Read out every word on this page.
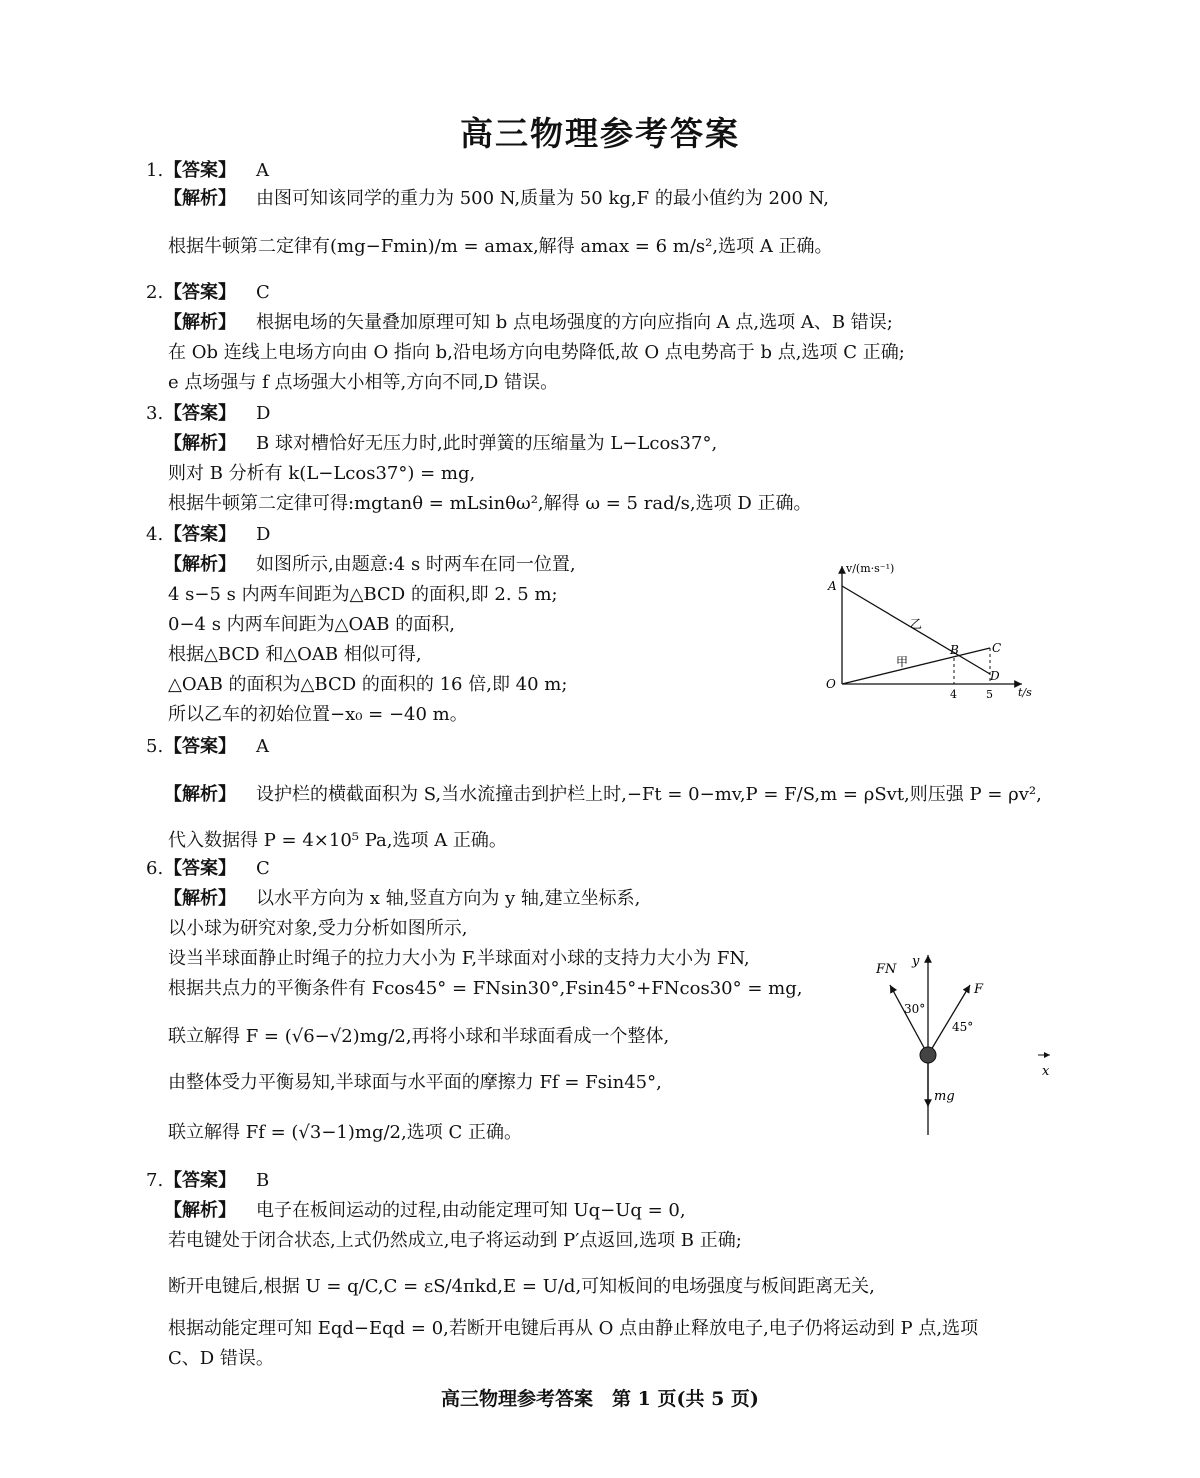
高三物理参考答案
1. 【答案】 A
【解析】 由图可知该同学的重力为 500 N,质量为 50 kg,F 的最小值约为 200 N,
根据牛顿第二定律有(mg−Fmin)/m = amax,解得 amax = 6 m/s²,选项 A 正确。
2. 【答案】 C
【解析】 根据电场的矢量叠加原理可知 b 点电场强度的方向应指向 A 点,选项 A、B 错误;
在 Ob 连线上电场方向由 O 指向 b,沿电场方向电势降低,故 O 点电势高于 b 点,选项 C 正确;
e 点场强与 f 点场强大小相等,方向不同,D 错误。
3. 【答案】 D
【解析】 B 球对槽恰好无压力时,此时弹簧的压缩量为 L−Lcos37°,
则对 B 分析有 k(L−Lcos37°) = mg,
根据牛顿第二定律可得:mgtanθ = mLsinθω²,解得 ω = 5 rad/s,选项 D 正确。
4. 【答案】 D
【解析】 如图所示,由题意:4 s 时两车在同一位置,
4 s−5 s 内两车间距为△BCD 的面积,即 2. 5 m;
0−4 s 内两车间距为△OAB 的面积,
根据△BCD 和△OAB 相似可得,
△OAB 的面积为△BCD 的面积的 16 倍,即 40 m;
所以乙车的初始位置−x₀ = −40 m。
5. 【答案】 A
【解析】 设护栏的横截面积为 S,当水流撞击到护栏上时,−Ft = 0−mv,P = F/S,m = ρSvt,则压强 P = ρv²,
代入数据得 P = 4×10⁵ Pa,选项 A 正确。
6. 【答案】 C
【解析】 以水平方向为 x 轴,竖直方向为 y 轴,建立坐标系,
以小球为研究对象,受力分析如图所示,
设当半球面静止时绳子的拉力大小为 F,半球面对小球的支持力大小为 FN,
根据共点力的平衡条件有 Fcos45° = FNsin30°,Fsin45°+FNcos30° = mg,
联立解得 F = (√6−√2)mg/2,再将小球和半球面看成一个整体,
由整体受力平衡易知,半球面与水平面的摩擦力 Ff = Fsin45°,
联立解得 Ff = (√3−1)mg/2,选项 C 正确。
7. 【答案】 B
【解析】 电子在板间运动的过程,由动能定理可知 Uq−Uq = 0,
若电键处于闭合状态,上式仍然成立,电子将运动到 P′点返回,选项 B 正确;
断开电键后,根据 U = q/C,C = εS/4πkd,E = U/d,可知板间的电场强度与板间距离无关,
根据动能定理可知 Eqd−Eqd = 0,若断开电键后再从 O 点由静止释放电子,电子仍将运动到 P 点,选项
C、D 错误。
v/(m·s⁻¹)
t/s
A
B	C
D
O
4	5
乙
甲
FN
y
F
30°
45°
x
mg
高三物理参考答案　第 1 页(共 5 页)
